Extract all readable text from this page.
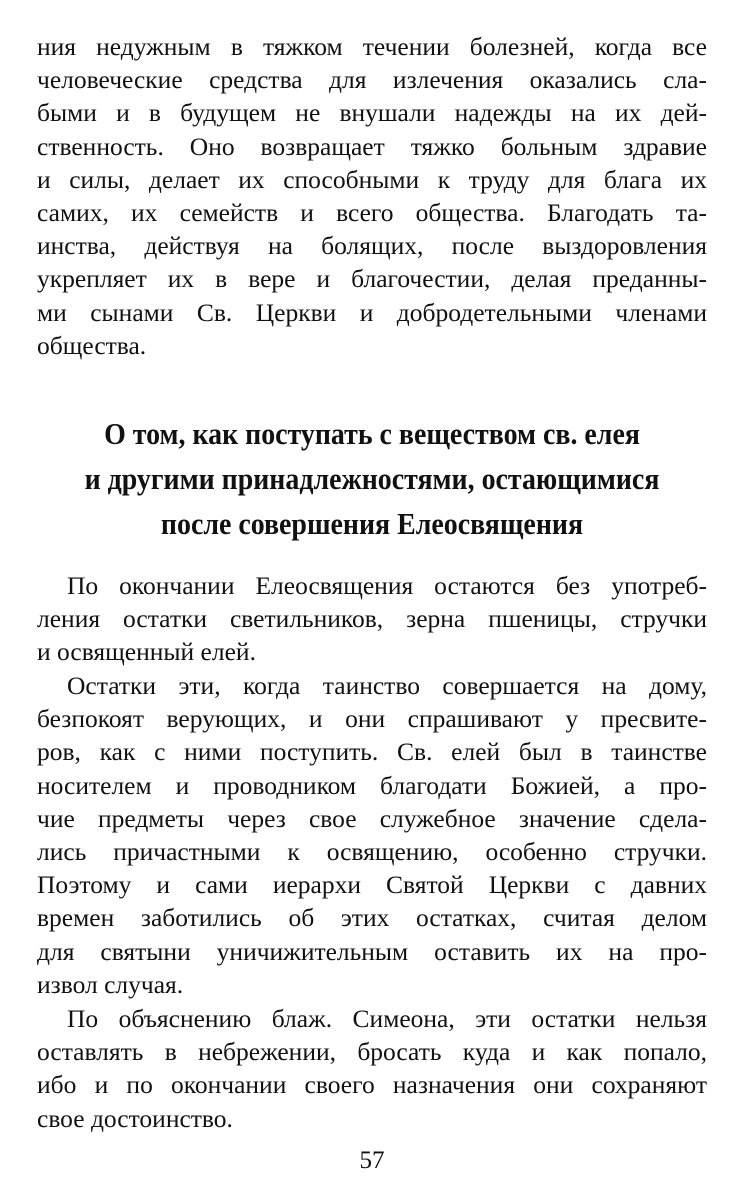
ния недужным в тяжком течении болезней, когда все
человеческие средства для излечения оказались сла-
быми и в будущем не внушали надежды на их дей-
ственность. Оно возвращает тяжко больным здравие
и силы, делает их способными к труду для блага их
самих, их семейств и всего общества. Благодать та-
инства, действуя на болящих, после выздоровления
укрепляет их в вере и благочестии, делая преданны-
ми сынами Св. Церкви и добродетельными членами
общества.
О том, как поступать с веществом св. елея
и другими принадлежностями, остающимися
после совершения Елеосвящения
По окончании Елеосвящения остаются без употреб-
ления остатки светильников, зерна пшеницы, стручки
и освященный елей.
Остатки эти, когда таинство совершается на дому,
безпокоят верующих, и они спрашивают у пресвите-
ров, как с ними поступить. Св. елей был в таинстве
носителем и проводником благодати Божией, а про-
чие предметы через свое служебное значение сдела-
лись причастными к освящению, особенно стручки.
Поэтому и сами иерархи Святой Церкви с давних
времен заботились об этих остатках, считая делом
для святыни уничижительным оставить их на про-
извол случая.
По объяснению блаж. Симеона, эти остатки нельзя
оставлять в небрежении, бросать куда и как попало,
ибо и по окончании своего назначения они сохраняют
свое достоинство.
57
